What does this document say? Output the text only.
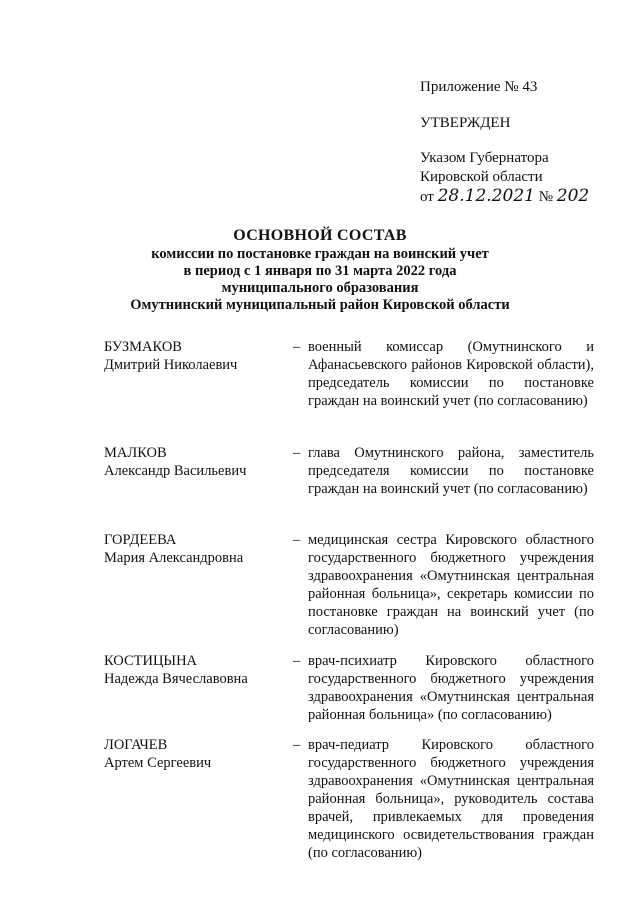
Приложение № 43
УТВЕРЖДЕН
Указом Губернатора
Кировской области
от 28.12.2021 № 202
ОСНОВНОЙ СОСТАВ
комиссии по постановке граждан на воинский учет
в период с 1 января по 31 марта 2022 года
муниципального образования
Омутнинский муниципальный район Кировской области
БУЗМАКОВ
Дмитрий Николаевич
– военный комиссар (Омутнинского и Афанасьевского районов Кировской области), председатель комиссии по постановке граждан на воинский учет (по согласованию)
МАЛКОВ
Александр Васильевич
– глава Омутнинского района, заместитель председателя комиссии по постановке граждан на воинский учет (по согласованию)
ГОРДЕЕВА
Мария Александровна
– медицинская сестра Кировского областного государственного бюджетного учреждения здравоохранения «Омутнинская центральная районная больница», секретарь комиссии по постановке граждан на воинский учет (по согласованию)
КОСТИЦЫНА
Надежда Вячеславовна
– врач-психиатр Кировского областного государственного бюджетного учреждения здравоохранения «Омутнинская центральная районная больница» (по согласованию)
ЛОГАЧЕВ
Артем Сергеевич
– врач-педиатр Кировского областного государственного бюджетного учреждения здравоохранения «Омутнинская центральная районная больница», руководитель состава врачей, привлекаемых для проведения медицинского освидетельствования граждан (по согласованию)
